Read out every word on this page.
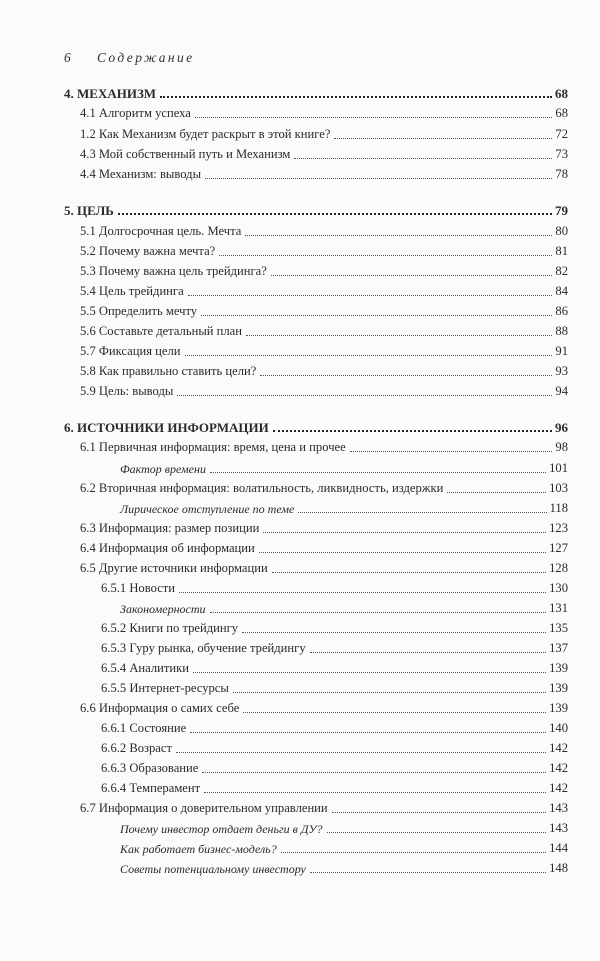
6 Содержание
4. МЕХАНИЗМ	68
4.1 Алгоритм успеха	68
1.2 Как Механизм будет раскрыт в этой книге?	72
4.3 Мой собственный путь и Механизм	73
4.4 Механизм: выводы	78
5. ЦЕЛЬ	79
5.1 Долгосрочная цель. Мечта	80
5.2 Почему важна мечта?	81
5.3 Почему важна цель трейдинга?	82
5.4 Цель трейдинга	84
5.5 Определить мечту	86
5.6 Составьте детальный план	88
5.7 Фиксация цели	91
5.8 Как правильно ставить цели?	93
5.9 Цель: выводы	94
6. ИСТОЧНИКИ ИНФОРМАЦИИ	96
6.1 Первичная информация: время, цена и прочее	98
Фактор времени	101
6.2 Вторичная информация: волатильность, ликвидность, издержки	103
Лирическое отступление по теме	118
6.3 Информация: размер позиции	123
6.4 Информация об информации	127
6.5 Другие источники информации	128
6.5.1 Новости	130
Закономерности	131
6.5.2 Книги по трейдингу	135
6.5.3 Гуру рынка, обучение трейдингу	137
6.5.4 Аналитики	139
6.5.5 Интернет-ресурсы	139
6.6 Информация о самих себе	139
6.6.1 Состояние	140
6.6.2 Возраст	142
6.6.3 Образование	142
6.6.4 Темперамент	142
6.7 Информация о доверительном управлении	143
Почему инвестор отдает деньги в ДУ?	143
Как работает бизнес-модель?	144
Советы потенциальному инвестору	148
